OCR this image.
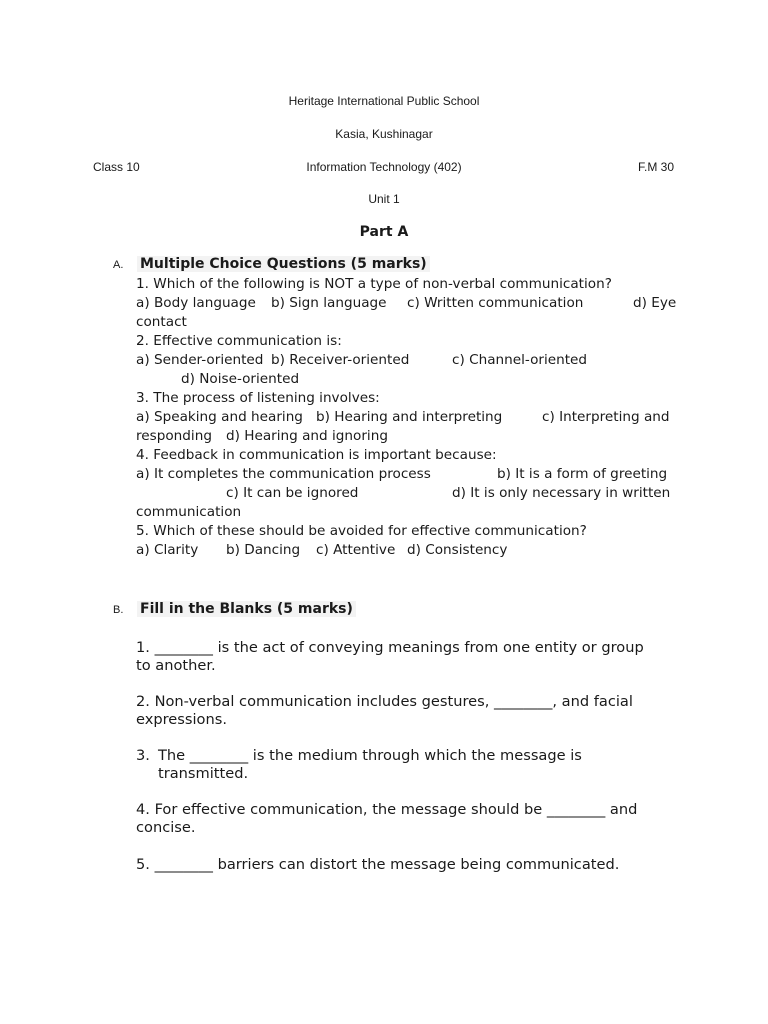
Heritage International Public School
Kasia, Kushinagar
Class 10	Information Technology (402)	F.M 30
Unit 1
Part A
A. Multiple Choice Questions (5 marks)
1. Which of the following is NOT a type of non-verbal communication?
a) Body language b) Sign language c) Written communication	d) Eye
contact
2. Effective communication is:
a) Sender-oriented b) Receiver-oriented	c) Channel-oriented
d) Noise-oriented
3. The process of listening involves:
a) Speaking and hearing b) Hearing and interpreting	c) Interpreting and
responding d) Hearing and ignoring
4. Feedback in communication is important because:
a) It completes the communication process	b) It is a form of greeting
c) It can be ignored	d) It is only necessary in written
communication
5. Which of these should be avoided for effective communication?
a) Clarity b) Dancing c) Attentive d) Consistency
B. Fill in the Blanks (5 marks)
1. ________ is the act of conveying meanings from one entity or group
to another.
2. Non-verbal communication includes gestures, ________, and facial
expressions.
3. The ________ is the medium through which the message is
transmitted.
4. For effective communication, the message should be ________ and
concise.
5. ________ barriers can distort the message being communicated.
